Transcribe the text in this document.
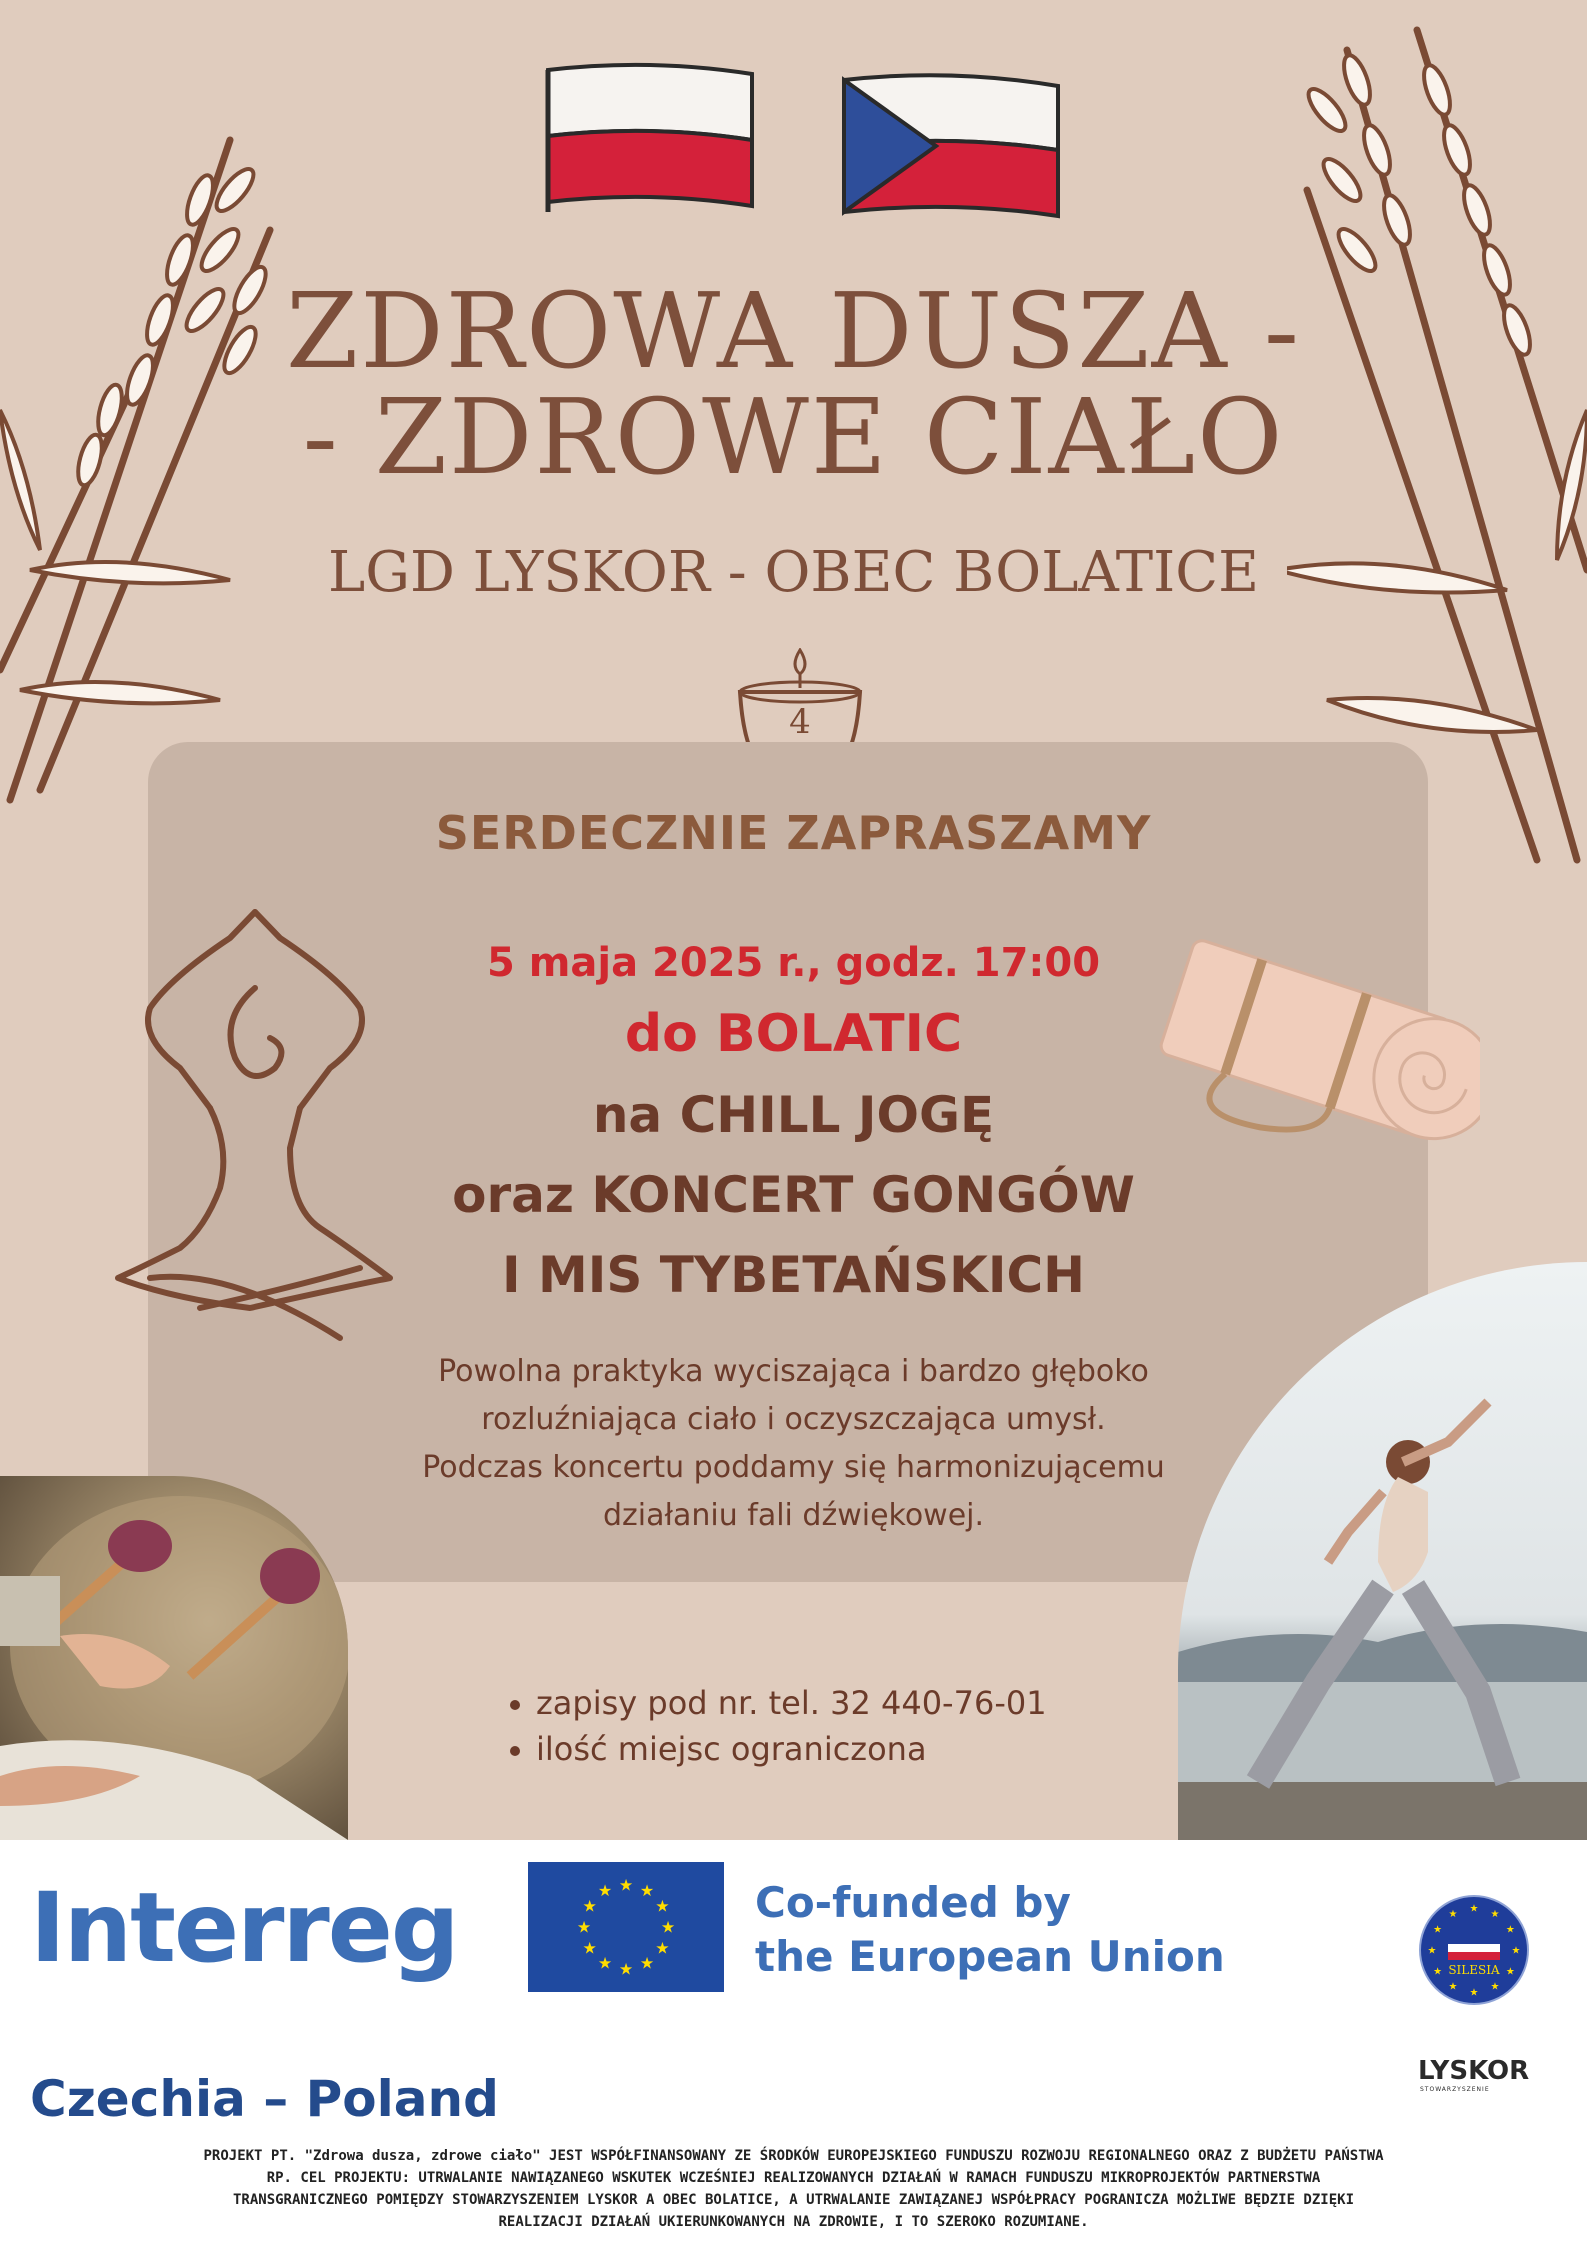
ZDROWA DUSZA -
- ZDROWE CIAŁO
LGD LYSKOR - OBEC BOLATICE
4
SERDECZNIE ZAPRASZAMY
5 maja 2025 r., godz. 17:00
do BOLATIC
na CHILL JOGĘ
oraz KONCERT GONGÓW
I MIS TYBETAŃSKICH
Powolna praktyka wyciszająca i bardzo głęboko
rozluźniająca ciało i oczyszczająca umysł.
Podczas koncertu poddamy się harmonizującemu
działaniu fali dźwiękowej.
zapisy pod nr. tel. 32 440-76-01
ilość miejsc ograniczona
Interreg	★ ★
★
★
★
★
★
★
★
★
★
★	Co-funded by
the European Union
★
★
★
★
★
★
★
★
★
★
★
★
SILESIA
Czechia – Poland	LYSKOR
STOWARZYSZENIE
PROJEKT PT. "Zdrowa dusza, zdrowe ciało" JEST WSPÓŁFINANSOWANY ZE ŚRODKÓW EUROPEJSKIEGO FUNDUSZU ROZWOJU REGIONALNEGO ORAZ Z BUDŻETU PAŃSTWA
RP. CEL PROJEKTU: UTRWALANIE NAWIĄZANEGO WSKUTEK WCZEŚNIEJ REALIZOWANYCH DZIAŁAŃ W RAMACH FUNDUSZU MIKROPROJEKTÓW PARTNERSTWA
TRANSGRANICZNEGO POMIĘDZY STOWARZYSZENIEM LYSKOR A OBEC BOLATICE, A UTRWALANIE ZAWIĄZANEJ WSPÓŁPRACY POGRANICZA MOŻLIWE BĘDZIE DZIĘKI
REALIZACJI DZIAŁAŃ UKIERUNKOWANYCH NA ZDROWIE, I TO SZEROKO ROZUMIANE.
